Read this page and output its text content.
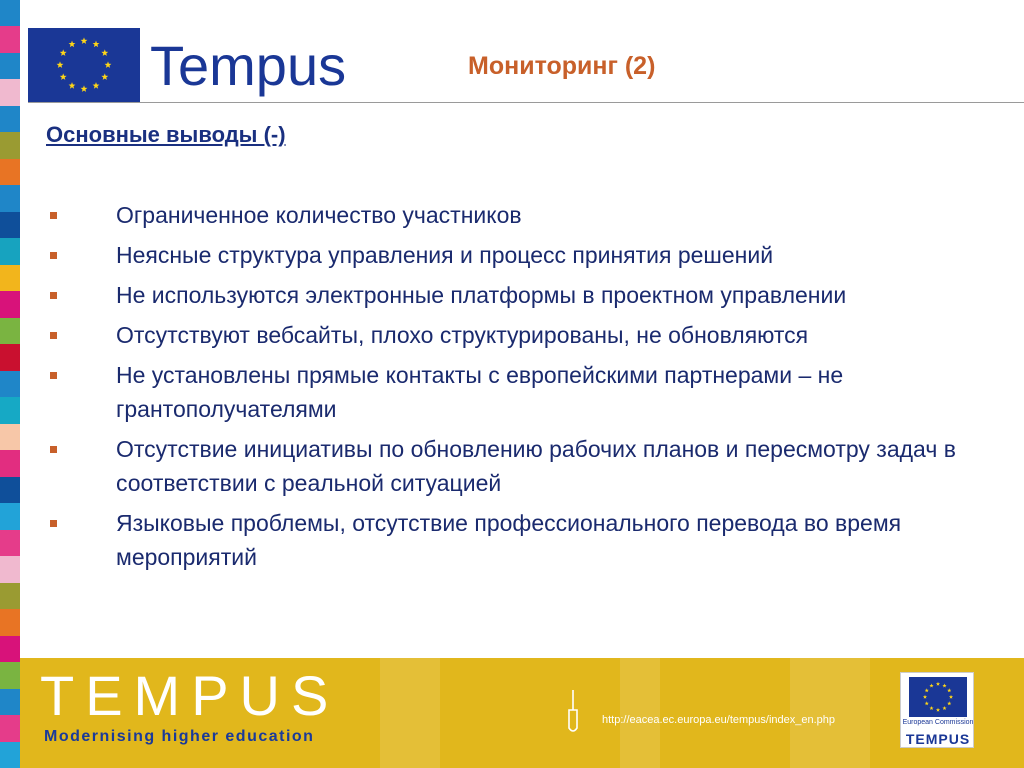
Tempus	Мониторинг (2)
Основные выводы (-)
Ограниченное количество участников
Неясные структура управления и процесс принятия решений
Не используются электронные платформы в проектном управлении
Отсутствуют вебсайты, плохо структурированы, не обновляются
Не установлены прямые контакты с европейскими партнерами – не грантополучателями
Отсутствие инициативы по обновлению рабочих планов и пересмотру задач в соответствии с реальной ситуацией
Языковые проблемы, отсутствие профессионального перевода во время мероприятий
TEMPUS
Modernising higher education
http://eacea.ec.europa.eu/tempus/index_en.php	European Commission
TEMPUS
